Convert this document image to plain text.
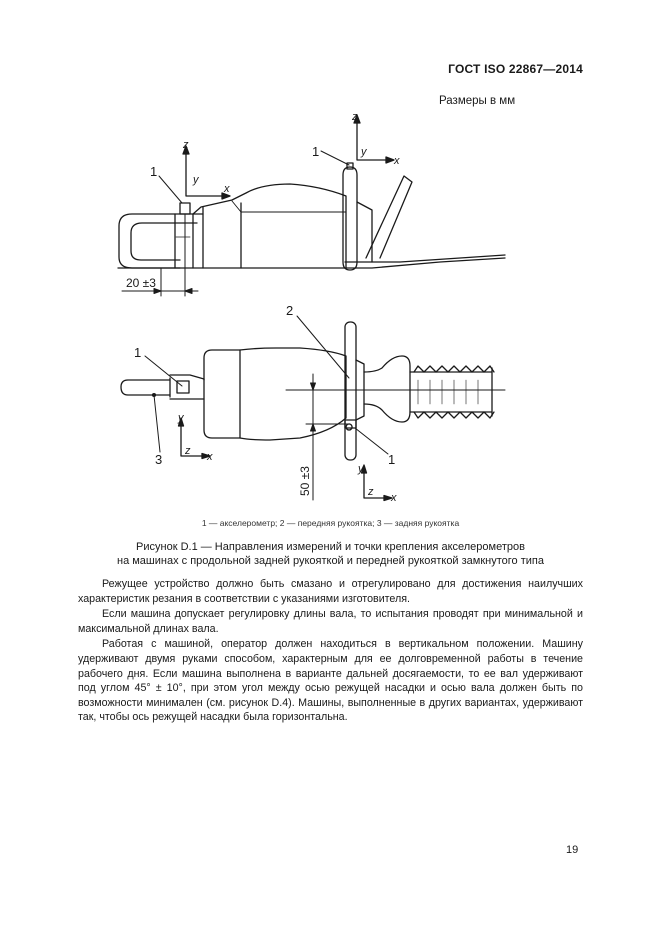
ГОСТ ISO 22867—2014
Размеры в мм
z
y
x
z
y
x
1
1
20 ±3
50 ±3
1
2
3	1
y
z x
y
z x
1 — акселерометр; 2 — передняя рукоятка; 3 — задняя рукоятка
Рисунок D.1 — Направления измерений и точки крепления акселерометров
на машинах с продольной задней рукояткой и передней рукояткой замкнутого типа

Режущее устройство должно быть смазано и отрегулировано для достижения наилучших характеристик резания в соответствии с указаниями изготовителя.

Если машина допускает регулировку длины вала, то испытания проводят при минимальной и максимальной длинах вала.

Работая с машиной, оператор должен находиться в вертикальном положении. Машину удерживают двумя руками способом, характерным для ее долговременной работы в течение рабочего дня. Если машина выполнена в варианте дальней досягаемости, то ее вал удерживают под углом 45° ± 10°, при этом угол между осью режущей насадки и осью вала должен быть по возможности минимален (см. рисунок D.4). Машины, выполненные в других вариантах, удерживают так, чтобы ось режущей насадки была горизонтальна.

19
